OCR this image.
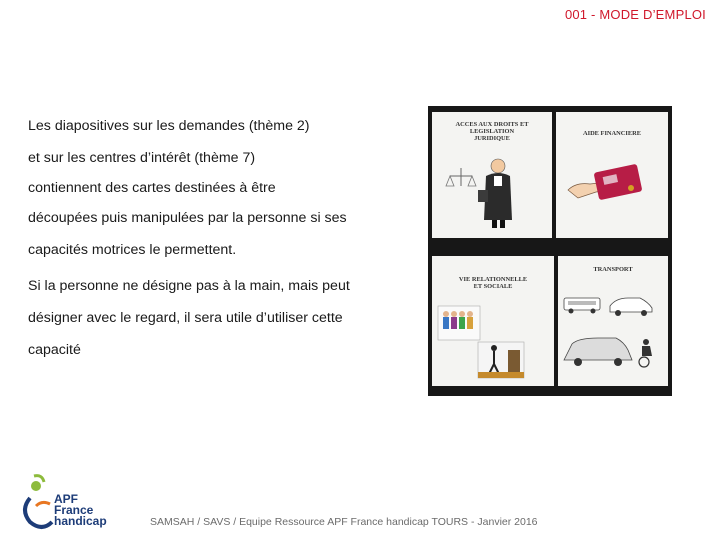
001 - MODE D’EMPLOI

Les diapositives sur les demandes (thème 2)

et sur les centres d’intérêt (thème 7)

contiennent des cartes destinées à être

découpées puis manipulées par la personne si ses

capacités motrices le permettent.

Si la personne ne désigne pas à la main, mais peut

désigner avec le regard, il sera utile d’utiliser cette

capacité

ACCES AUX DROITS ET
LEGISLATION
JURIDIQUE
AIDE FINANCIERE
VIE RELATIONNELLE
ET SOCIALE
TRANSPORT
APF
France
handicap	SAMSAH / SAVS / Equipe Ressource APF France handicap TOURS - Janvier 2016
